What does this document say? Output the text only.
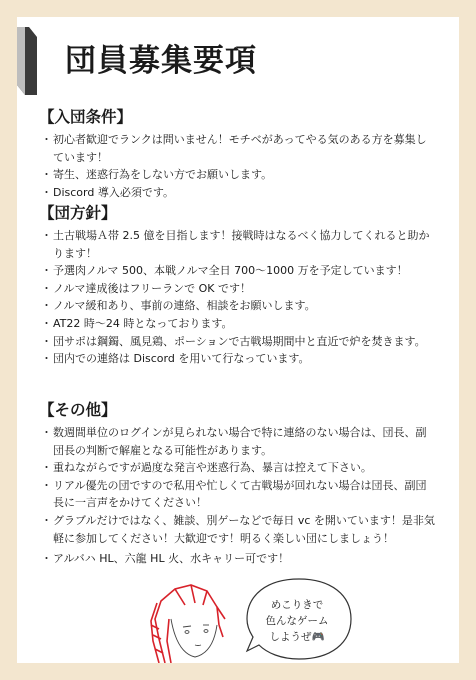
団員募集要項
【入団条件】
・ 初心者歓迎でランクは問いません！モチベがあってやる気のある方を募集しています！
・ 寄生、迷惑行為をしない方でお願いします。
・ Discord 導入必須です。
【団方針】
・ 土古戦場Ａ帯 2.5 億を目指します！接戦時はなるべく協力してくれると助かります！
・ 予選肉ノルマ 500、本戦ノルマ全日 700～1000 万を予定しています！
・ ノルマ達成後はフリーランで OK です！
・ ノルマ緩和あり、事前の連絡、相談をお願いします。
・ AT22 時～24 時となっております。
・ 団サポは鋼鐲、風見鶏、ポーションで古戦場期間中と直近で炉を焚きます。
・ 団内での連絡は Discord を用いて行なっています。
【その他】
・ 数週間単位のログインが見られない場合で特に連絡のない場合は、団長、副団長の判断で解雇となる可能性があります。
・ 重ねながらですが過度な発言や迷惑行為、暴言は控えて下さい。
・ リアル優先の団ですので私用や忙しくて古戦場が回れない場合は団長、副団長に一言声をかけてください！
・ グラブルだけではなく、雑談、別ゲーなどで毎日 vc を開いています！是非気軽に参加してください！大歓迎です！明るく楽しい団にしましょう！
・ アルバハ HL、六龍 HL 火、水キャリー可です！
めこりきで
色んなゲーム
しようぜ🎮
